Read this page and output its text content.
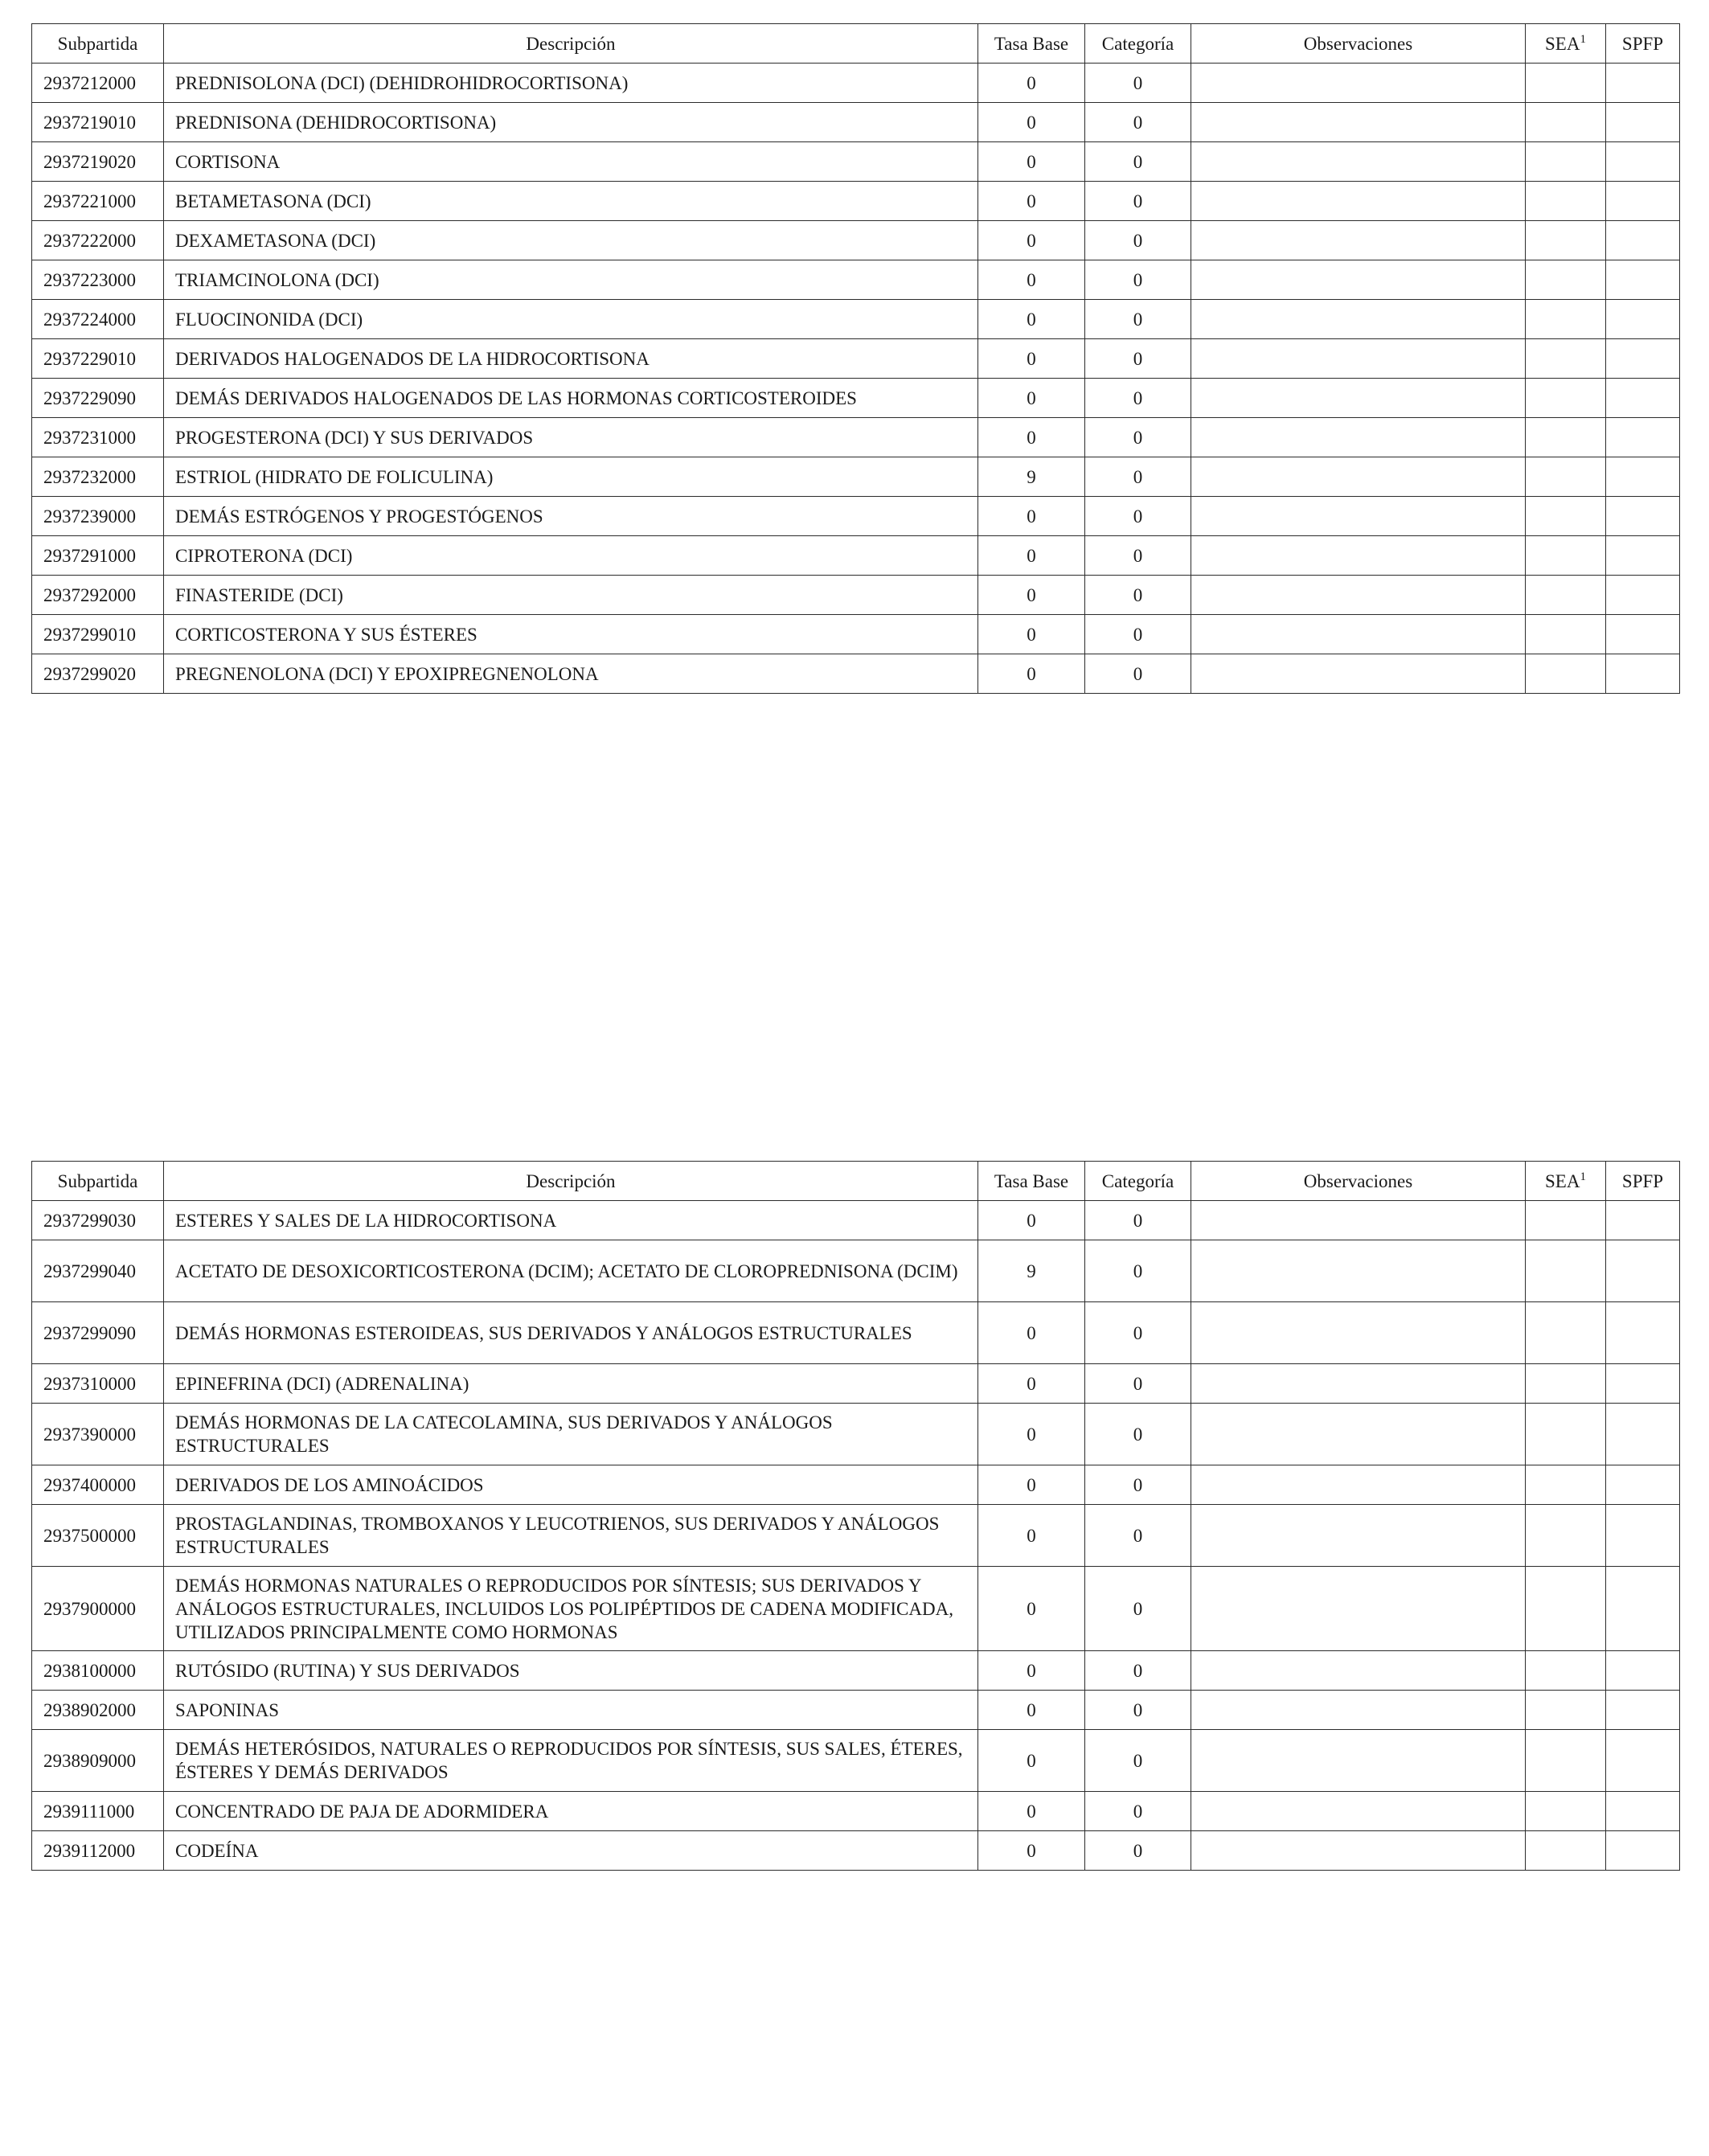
Subpartida	Descripción	Tasa Base	Categoría	Observaciones	SEA$^1$	SPFP
2937212000	PREDNISOLONA (DCI) (DEHIDROHIDROCORTISONA)	0	0			
2937219010	PREDNISONA (DEHIDROCORTISONA)	0	0			
2937219020	CORTISONA	0	0			
2937221000	BETAMETASONA (DCI)	0	0			
2937222000	DEXAMETASONA (DCI)	0	0			
2937223000	TRIAMCINOLONA (DCI)	0	0			
2937224000	FLUOCINONIDA (DCI)	0	0			
2937229010	DERIVADOS HALOGENADOS DE LA HIDROCORTISONA	0	0			
2937229090	DEMÁS DERIVADOS HALOGENADOS DE LAS HORMONAS CORTICOSTEROIDES	0	0			
2937231000	PROGESTERONA (DCI) Y SUS DERIVADOS	0	0			
2937232000	ESTRIOL (HIDRATO DE FOLICULINA)	9	0			
2937239000	DEMÁS ESTRÓGENOS Y PROGESTÓGENOS	0	0			
2937291000	CIPROTERONA (DCI)	0	0			
2937292000	FINASTERIDE (DCI)	0	0			
2937299010	CORTICOSTERONA Y SUS ÉSTERES	0	0			
2937299020	PREGNENOLONA (DCI) Y EPOXIPREGNENOLONA	0	0			
Subpartida	Descripción	Tasa Base	Categoría	Observaciones	SEA$^1$	SPFP
2937299030	ESTERES Y SALES DE LA HIDROCORTISONA	0	0			
2937299040	ACETATO DE DESOXICORTICOSTERONA (DCIM); ACETATO DE CLOROPREDNISONA (DCIM)	9	0			
2937299090	DEMÁS HORMONAS ESTEROIDEAS, SUS DERIVADOS Y ANÁLOGOS ESTRUCTURALES	0	0			
2937310000	EPINEFRINA (DCI) (ADRENALINA)	0	0			
2937390000	DEMÁS HORMONAS DE LA CATECOLAMINA, SUS DERIVADOS Y ANÁLOGOS ESTRUCTURALES	0	0			
2937400000	DERIVADOS DE LOS AMINOÁCIDOS	0	0			
2937500000	PROSTAGLANDINAS, TROMBOXANOS Y LEUCOTRIENOS, SUS DERIVADOS Y ANÁLOGOS ESTRUCTURALES	0	0			
2937900000	DEMÁS HORMONAS NATURALES O REPRODUCIDOS POR SÍNTESIS; SUS DERIVADOS Y ANÁLOGOS ESTRUCTURALES, INCLUIDOS LOS POLIPÉPTIDOS DE CADENA MODIFICADA, UTILIZADOS PRINCIPALMENTE COMO HORMONAS	0	0			
2938100000	RUTÓSIDO (RUTINA) Y SUS DERIVADOS	0	0			
2938902000	SAPONINAS	0	0			
2938909000	DEMÁS HETERÓSIDOS, NATURALES O REPRODUCIDOS POR SÍNTESIS, SUS SALES, ÉTERES, ÉSTERES Y DEMÁS DERIVADOS	0	0			
2939111000	CONCENTRADO DE PAJA DE ADORMIDERA	0	0			
2939112000	CODEÍNA	0	0			
